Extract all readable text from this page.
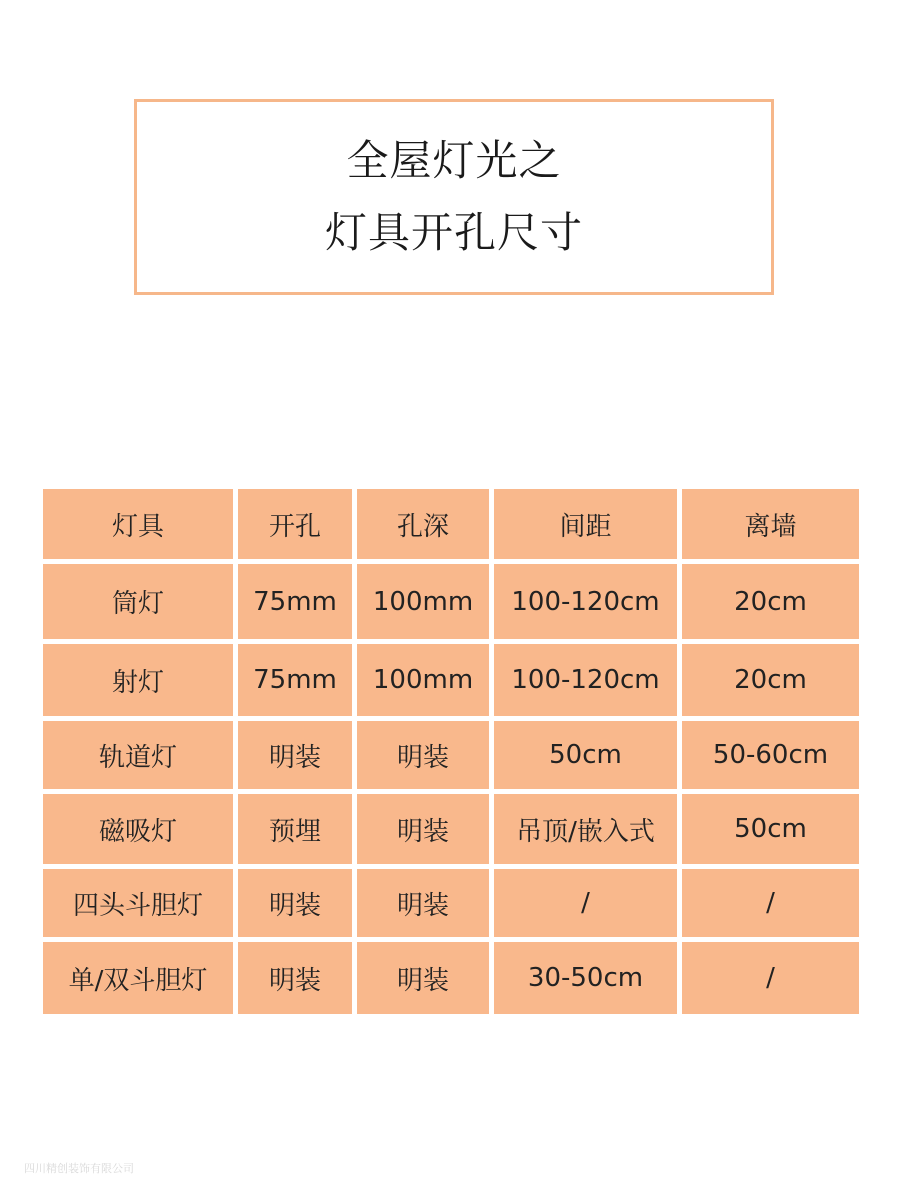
全屋灯光之
灯具开孔尺寸
灯具	开孔	孔深	间距	离墙
筒灯	75mm	100mm	100-120cm	20cm
射灯	75mm	100mm	100-120cm	20cm
轨道灯	明装	明装	50cm	50-60cm
磁吸灯	预埋	明装	吊顶/嵌入式	50cm
四头斗胆灯	明装	明装	/	/
单/双斗胆灯	明装	明装	30-50cm	/
四川精创装饰有限公司
